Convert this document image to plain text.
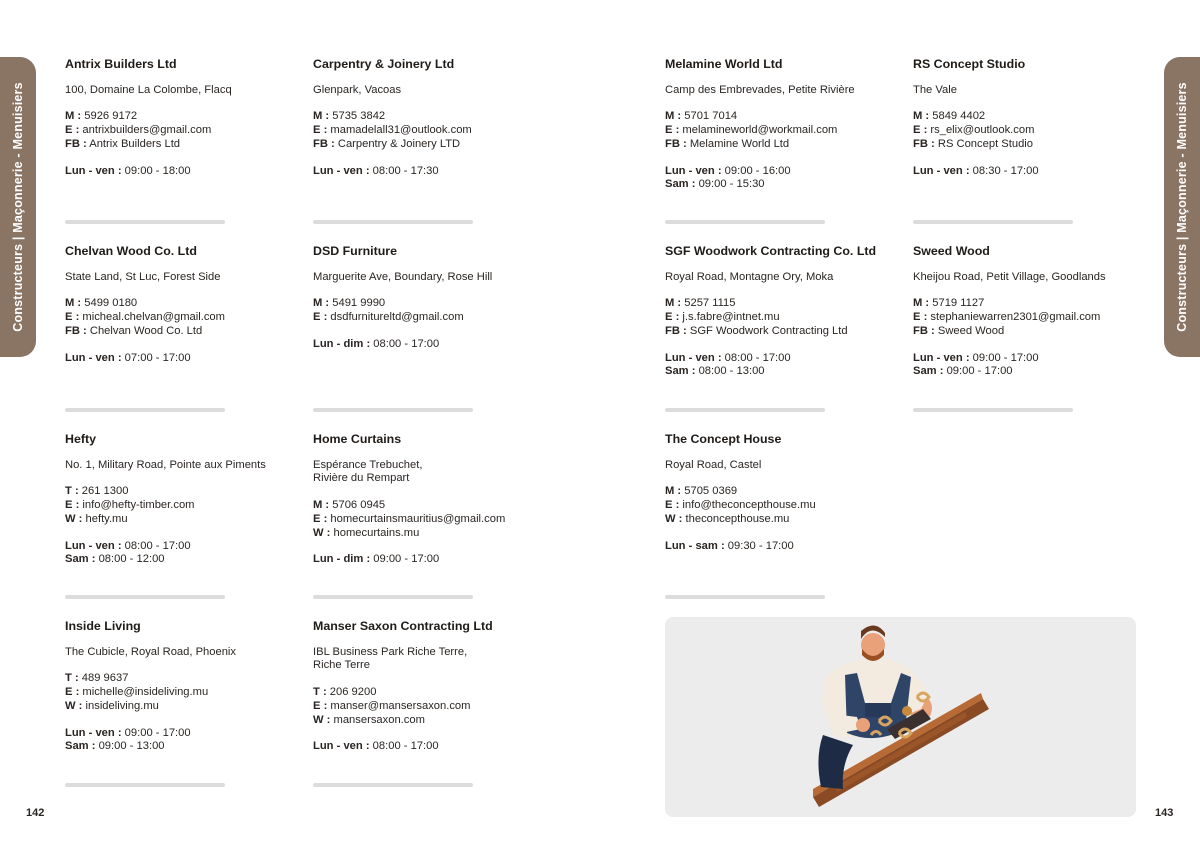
Constructeurs | Maçonnerie - Menuisiers	Constructeurs | Maçonnerie - Menuisiers
142	143
Antrix Builders Ltd
100, Domaine La Colombe, Flacq
M : 5926 9172
E : antrixbuilders@gmail.com
FB : Antrix Builders Ltd
Lun - ven : 09:00 - 18:00
Carpentry & Joinery Ltd
Glenpark, Vacoas
M : 5735 3842
E : mamadelall31@outlook.com
FB : Carpentry & Joinery LTD
Lun - ven : 08:00 - 17:30
Melamine World Ltd
Camp des Embrevades, Petite Rivière
M : 5701 7014
E : melamineworld@workmail.com
FB : Melamine World Ltd
Lun - ven : 09:00 - 16:00
Sam : 09:00 - 15:30
RS Concept Studio
The Vale
M : 5849 4402
E : rs_elix@outlook.com
FB : RS Concept Studio
Lun - ven : 08:30 - 17:00
Chelvan Wood Co. Ltd
State Land, St Luc, Forest Side
M : 5499 0180
E : micheal.chelvan@gmail.com
FB : Chelvan Wood Co. Ltd
Lun - ven : 07:00 - 17:00
DSD Furniture
Marguerite Ave, Boundary, Rose Hill
M : 5491 9990
E : dsdfurnitureltd@gmail.com
Lun - dim : 08:00 - 17:00
SGF Woodwork Contracting Co. Ltd
Royal Road, Montagne Ory, Moka
M : 5257 1115
E : j.s.fabre@intnet.mu
FB : SGF Woodwork Contracting Ltd
Lun - ven : 08:00 - 17:00
Sam : 08:00 - 13:00
Sweed Wood
Kheijou Road, Petit Village, Goodlands
M : 5719 1127
E : stephaniewarren2301@gmail.com
FB : Sweed Wood
Lun - ven : 09:00 - 17:00
Sam : 09:00 - 17:00
Hefty
No. 1, Military Road, Pointe aux Piments
T : 261 1300
E : info@hefty-timber.com
W : hefty.mu
Lun - ven : 08:00 - 17:00
Sam : 08:00 - 12:00
Home Curtains
Espérance Trebuchet,
Rivière du Rempart
M : 5706 0945
E : homecurtainsmauritius@gmail.com
W : homecurtains.mu
Lun - dim : 09:00 - 17:00
The Concept House
Royal Road, Castel
M : 5705 0369
E : info@theconcepthouse.mu
W : theconcepthouse.mu
Lun - sam : 09:30 - 17:00
Inside Living
The Cubicle, Royal Road, Phoenix
T : 489 9637
E : michelle@insideliving.mu
W : insideliving.mu
Lun - ven : 09:00 - 17:00
Sam : 09:00 - 13:00
Manser Saxon Contracting Ltd
IBL Business Park Riche Terre,
Riche Terre
T : 206 9200
E : manser@mansersaxon.com
W : mansersaxon.com
Lun - ven : 08:00 - 17:00
